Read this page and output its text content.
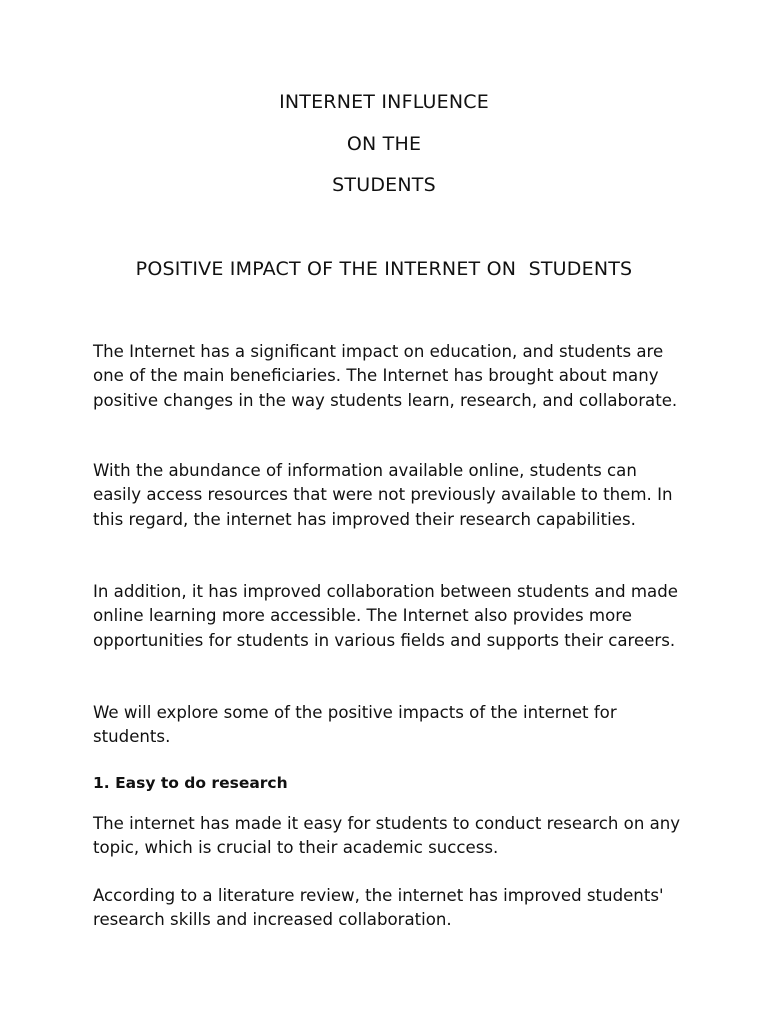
INTERNET INFLUENCE
ON THE
STUDENTS
POSITIVE IMPACT OF THE INTERNET ON  STUDENTS

The Internet has a significant impact on education, and students are one of the main beneficiaries. The Internet has brought about many positive changes in the way students learn, research, and collaborate.

With the abundance of information available online, students can easily access resources that were not previously available to them. In this regard, the internet has improved their research capabilities.

In addition, it has improved collaboration between students and made online learning more accessible. The Internet also provides more opportunities for students in various fields and supports their careers.

We will explore some of the positive impacts of the internet for students.

1. Easy to do research

The internet has made it easy for students to conduct research on any topic, which is crucial to their academic success.

According to a literature review, the internet has improved students' research skills and increased collaboration.
